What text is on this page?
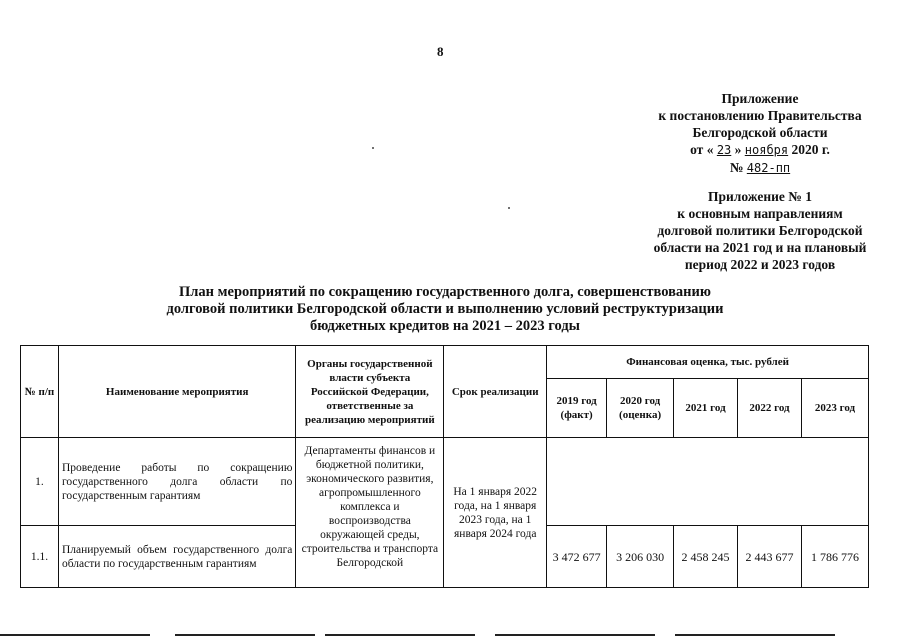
8
Приложение
к постановлению Правительства
Белгородской области
от « 23 » ноября 2020 г.
№ 482-пп
Приложение № 1
к основным направлениям
долговой политики Белгородской
области на 2021 год и на плановый
период 2022 и 2023 годов
План мероприятий по сокращению государственного долга, совершенствованию
долговой политики Белгородской области и выполнению условий реструктуризации
бюджетных кредитов на 2021 – 2023 годы
№ п/п	Наименование мероприятия	Органы государственной власти субъекта Российской Федерации, ответственные за реализацию мероприятий	Срок реализации	Финансовая оценка, тыс. рублей				
				2019 год (факт)	2020 год (оценка)	2021 год	2022 год	2023 год
1.	Проведение работы по сокращению государственного долга области по государственным гарантиям	Департаменты финансов и бюджетной политики, экономического развития, агропромышленного комплекса и воспроизводства окружающей среды, строительства и транспорта Белгородской	На 1 января 2022 года, на 1 января 2023 года, на 1 января 2024 года					
1.1.	Планируемый объем государственного долга области по государственным гарантиям			3 472 677	3 206 030	2 458 245	2 443 677	1 786 776
